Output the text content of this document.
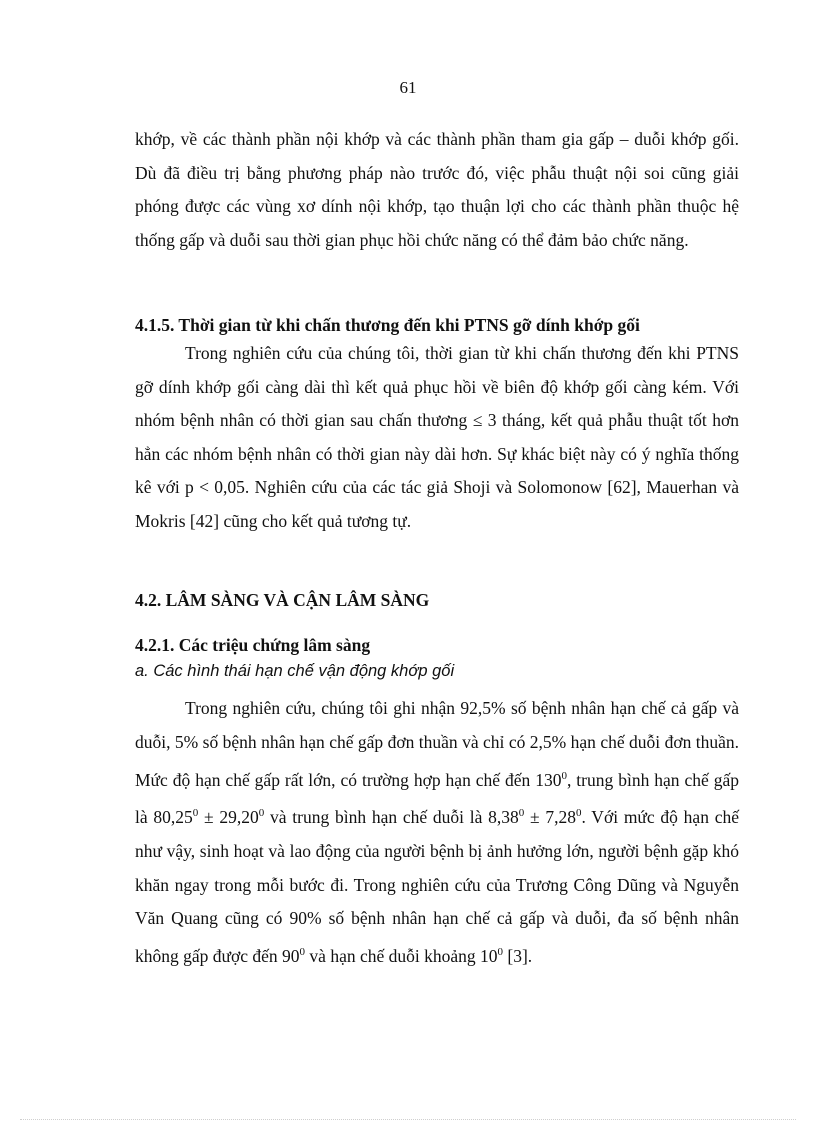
61

khớp, về các thành phần nội khớp và các thành phần tham gia gấp – duỗi khớp gối. Dù đã điều trị bằng phương pháp nào trước đó, việc phẫu thuật nội soi cũng giải phóng được các vùng xơ dính nội khớp, tạo thuận lợi cho các thành phần thuộc hệ thống gấp và duỗi sau thời gian phục hồi chức năng có thể đảm bảo chức năng.

4.1.5. Thời gian từ khi chấn thương đến khi PTNS gỡ dính khớp gối

Trong nghiên cứu của chúng tôi, thời gian từ khi chấn thương đến khi PTNS gỡ dính khớp gối càng dài thì kết quả phục hồi về biên độ khớp gối càng kém. Với nhóm bệnh nhân có thời gian sau chấn thương ≤ 3 tháng, kết quả phẫu thuật tốt hơn hẳn các nhóm bệnh nhân có thời gian này dài hơn. Sự khác biệt này có ý nghĩa thống kê với p < 0,05. Nghiên cứu của các tác giả Shoji và Solomonow [62], Mauerhan và Mokris [42] cũng cho kết quả tương tự.

4.2. LÂM SÀNG VÀ CẬN LÂM SÀNG
4.2.1. Các triệu chứng lâm sàng
a. Các hình thái hạn chế vận động khớp gối

Trong nghiên cứu, chúng tôi ghi nhận 92,5% số bệnh nhân hạn chế cả gấp và duỗi, 5% số bệnh nhân hạn chế gấp đơn thuần và chỉ có 2,5% hạn chế duỗi đơn thuần. Mức độ hạn chế gấp rất lớn, có trường hợp hạn chế đến $130^0$, trung bình hạn chế gấp là $80,25^0 \pm 29,20^0$ và trung bình hạn chế duỗi là $8,38^0 \pm 7,28^0$. Với mức độ hạn chế như vậy, sinh hoạt và lao động của người bệnh bị ảnh hưởng lớn, người bệnh gặp khó khăn ngay trong mỗi bước đi. Trong nghiên cứu của Trương Công Dũng và Nguyễn Văn Quang cũng có 90% số bệnh nhân hạn chế cả gấp và duỗi, đa số bệnh nhân không gấp được đến $90^0$ và hạn chế duỗi khoảng $10^0$ [3].
